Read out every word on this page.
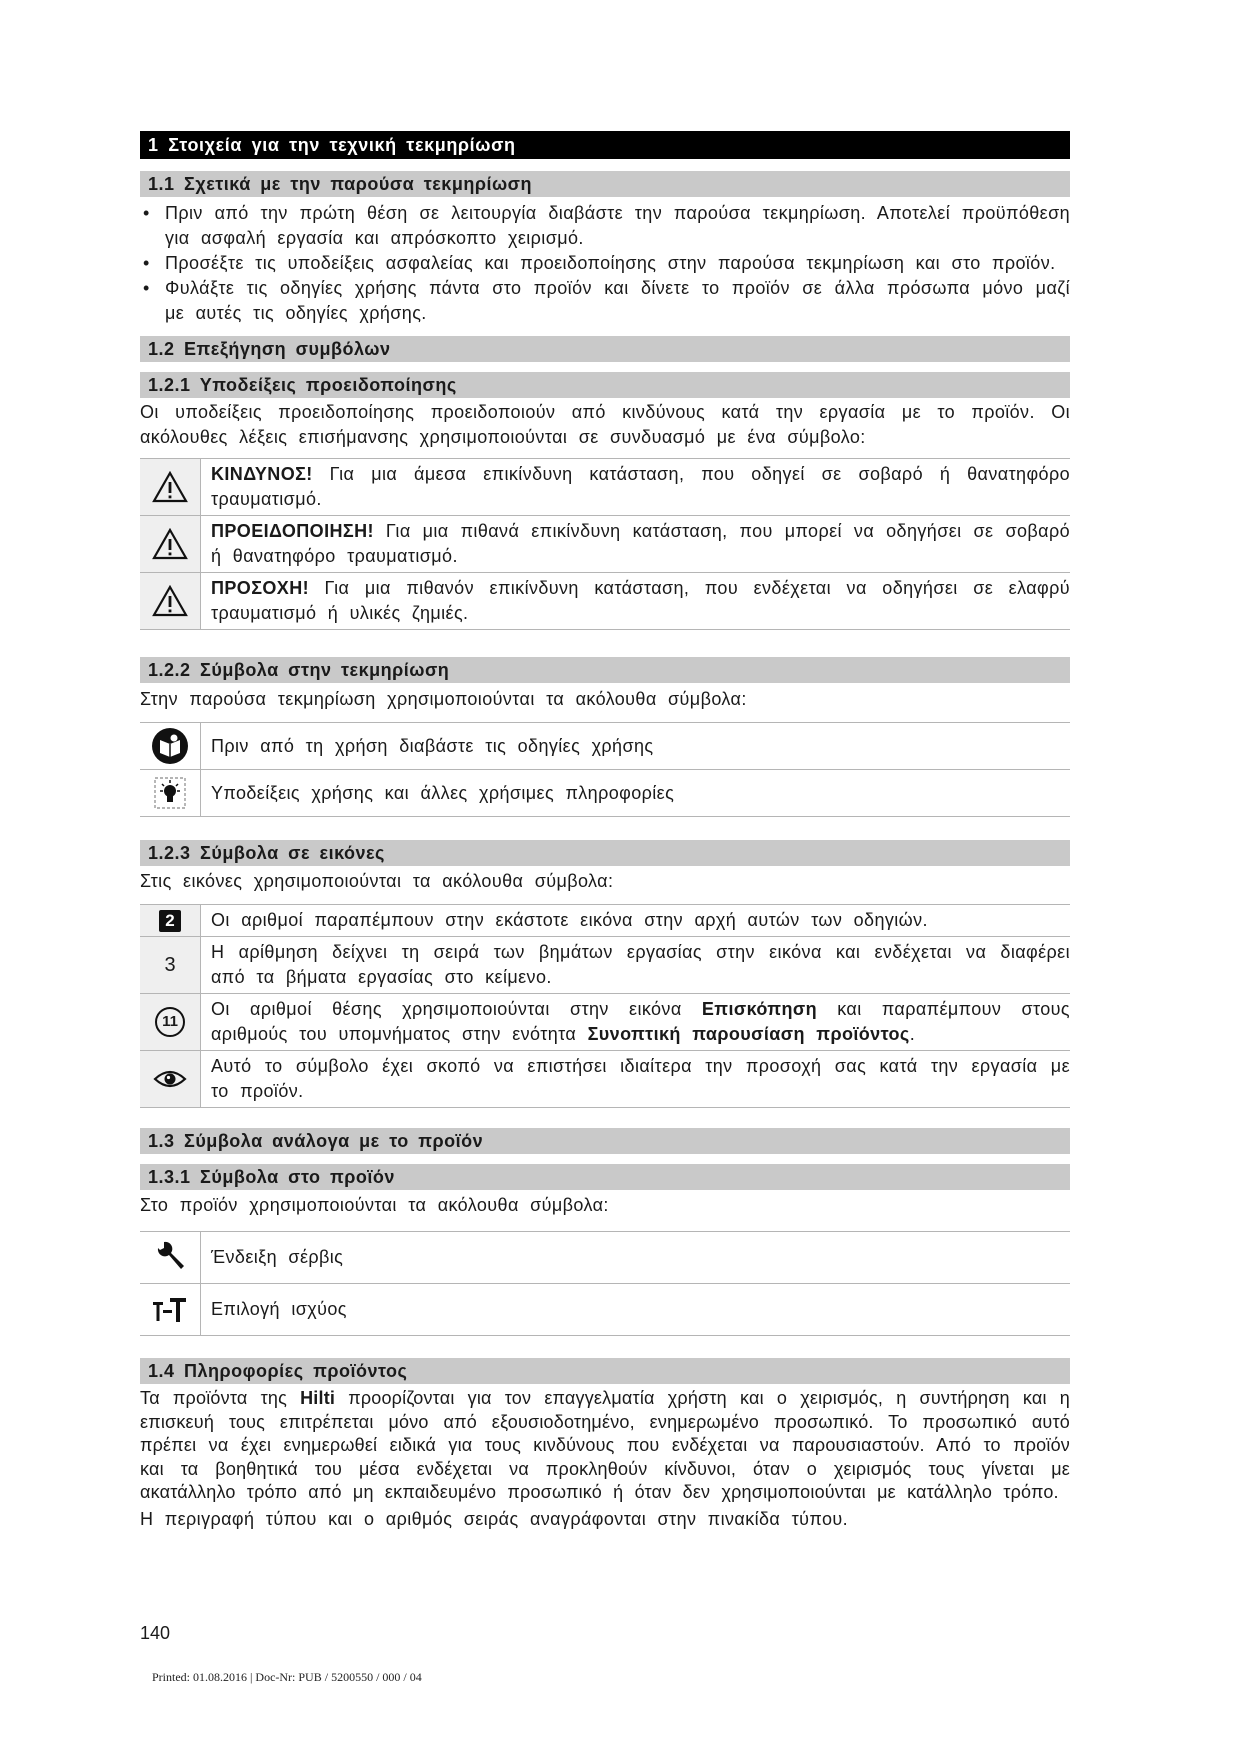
1 Στοιχεία για την τεχνική τεκμηρίωση
1.1 Σχετικά με την παρούσα τεκμηρίωση
• Πριν από την πρώτη θέση σε λειτουργία διαβάστε την παρούσα τεκμηρίωση. Αποτελεί προϋπόθεση για ασφαλή εργασία και απρόσκοπτο χειρισμό.
• Προσέξτε τις υποδείξεις ασφαλείας και προειδοποίησης στην παρούσα τεκμηρίωση και στο προϊόν.
• Φυλάξτε τις οδηγίες χρήσης πάντα στο προϊόν και δίνετε το προϊόν σε άλλα πρόσωπα μόνο μαζί με αυτές τις οδηγίες χρήσης.
1.2 Επεξήγηση συμβόλων
1.2.1 Υποδείξεις προειδοποίησης
Οι υποδείξεις προειδοποίησης προειδοποιούν από κινδύνους κατά την εργασία με το προϊόν. Οι ακόλουθες λέξεις επισήμανσης χρησιμοποιούνται σε συνδυασμό με ένα σύμβολο:
	ΚΙΝΔΥΝΟΣ! Για μια άμεσα επικίνδυνη κατάσταση, που οδηγεί σε σοβαρό ή θανατηφόρο τραυματισμό.

	ΠΡΟΕΙΔΟΠΟΙΗΣΗ! Για μια πιθανά επικίνδυνη κατάσταση, που μπορεί να οδηγήσει σε σοβαρό ή θανατηφόρο τραυματισμό.

	ΠΡΟΣΟΧΗ! Για μια πιθανόν επικίνδυνη κατάσταση, που ενδέχεται να οδηγήσει σε ελαφρύ τραυματισμό ή υλικές ζημιές.
1.2.2 Σύμβολα στην τεκμηρίωση
Στην παρούσα τεκμηρίωση χρησιμοποιούνται τα ακόλουθα σύμβολα:
	Πριν από τη χρήση διαβάστε τις οδηγίες χρήσης

	Υποδείξεις χρήσης και άλλες χρήσιμες πληροφορίες
1.2.3 Σύμβολα σε εικόνες
Στις εικόνες χρησιμοποιούνται τα ακόλουθα σύμβολα:
2	Οι αριθμοί παραπέμπουν στην εκάστοτε εικόνα στην αρχή αυτών των οδηγιών.
3	Η αρίθμηση δείχνει τη σειρά των βημάτων εργασίας στην εικόνα και ενδέχεται να διαφέρει από τα βήματα εργασίας στο κείμενο.
11	Οι αριθμοί θέσης χρησιμοποιούνται στην εικόνα Επισκόπηση και παραπέμπουν στους αριθμούς του υπομνήματος στην ενότητα Συνοπτική παρουσίαση προϊόντος.

	Αυτό το σύμβολο έχει σκοπό να επιστήσει ιδιαίτερα την προσοχή σας κατά την εργασία με το προϊόν.
1.3 Σύμβολα ανάλογα με το προϊόν
1.3.1 Σύμβολα στο προϊόν
Στο προϊόν χρησιμοποιούνται τα ακόλουθα σύμβολα:
	Ένδειξη σέρβις

	Επιλογή ισχύος
1.4 Πληροφορίες προϊόντος
Τα προϊόντα της Hilti προορίζονται για τον επαγγελματία χρήστη και ο χειρισμός, η συντήρηση και η επισκευή τους επιτρέπεται μόνο από εξουσιοδοτημένο, ενημερωμένο προσωπικό. Το προσωπικό αυτό πρέπει να έχει ενημερωθεί ειδικά για τους κινδύνους που ενδέχεται να παρουσιαστούν. Από το προϊόν και τα βοηθητικά του μέσα ενδέχεται να προκληθούν κίνδυνοι, όταν ο χειρισμός τους γίνεται με ακατάλληλο τρόπο από μη εκπαιδευμένο προσωπικό ή όταν δεν χρησιμοποιούνται με κατάλληλο τρόπο.
Η περιγραφή τύπου και ο αριθμός σειράς αναγράφονται στην πινακίδα τύπου.
140
Printed: 01.08.2016 | Doc-Nr: PUB / 5200550 / 000 / 04
